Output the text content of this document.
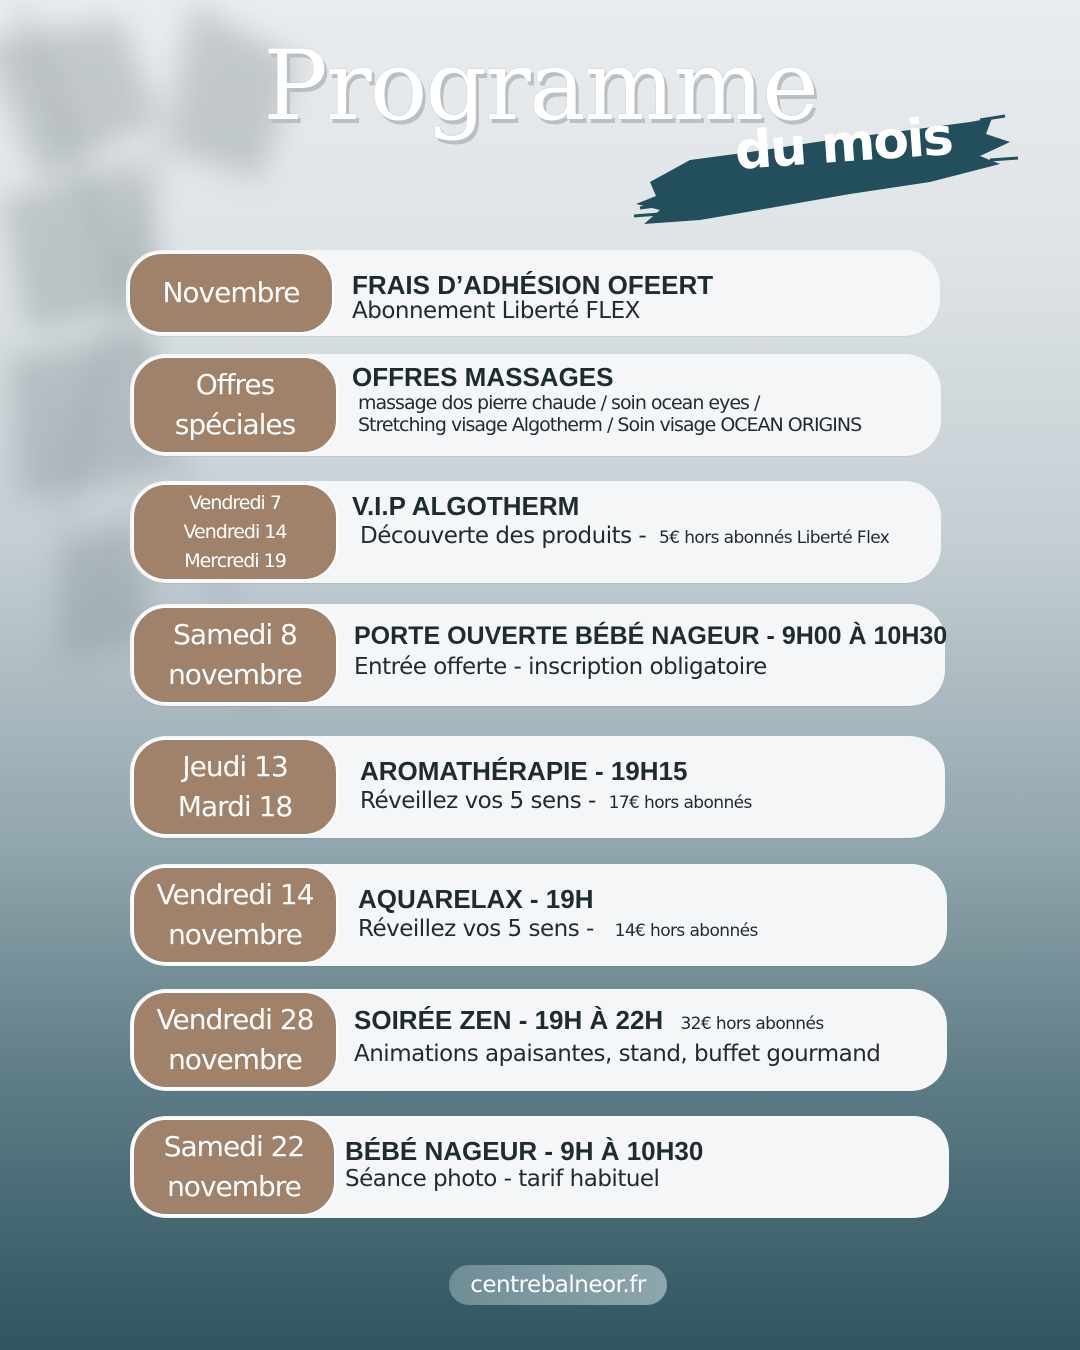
Programme
du mois
Novembre FRAIS D’ADHÉSION OFEERT
Abonnement Liberté FLEX
Offres
spéciales
OFFRES MASSAGES
massage dos pierre chaude / soin ocean eyes /
Stretching visage Algotherm / Soin visage OCEAN ORIGINS
Vendredi 7
Vendredi 14
Mercredi 19
V.I.P ALGOTHERM
Découverte des produits - 5€ hors abonnés Liberté Flex
Samedi 8
novembre
PORTE OUVERTE BÉBÉ NAGEUR - 9H00 À 10H30
Entrée offerte - inscription obligatoire
Jeudi 13
Mardi 18
AROMATHÉRAPIE - 19H15
Réveillez vos 5 sens - 17€ hors abonnés
Vendredi 14
novembre
AQUARELAX - 19H
Réveillez vos 5 sens - 14€ hors abonnés
Vendredi 28
novembre
SOIRÉE ZEN - 19H À 22H 32€ hors abonnés
Animations apaisantes, stand, buffet gourmand
Samedi 22
novembre
BÉBÉ NAGEUR - 9H À 10H30
Séance photo - tarif habituel
centrebalneor.fr
